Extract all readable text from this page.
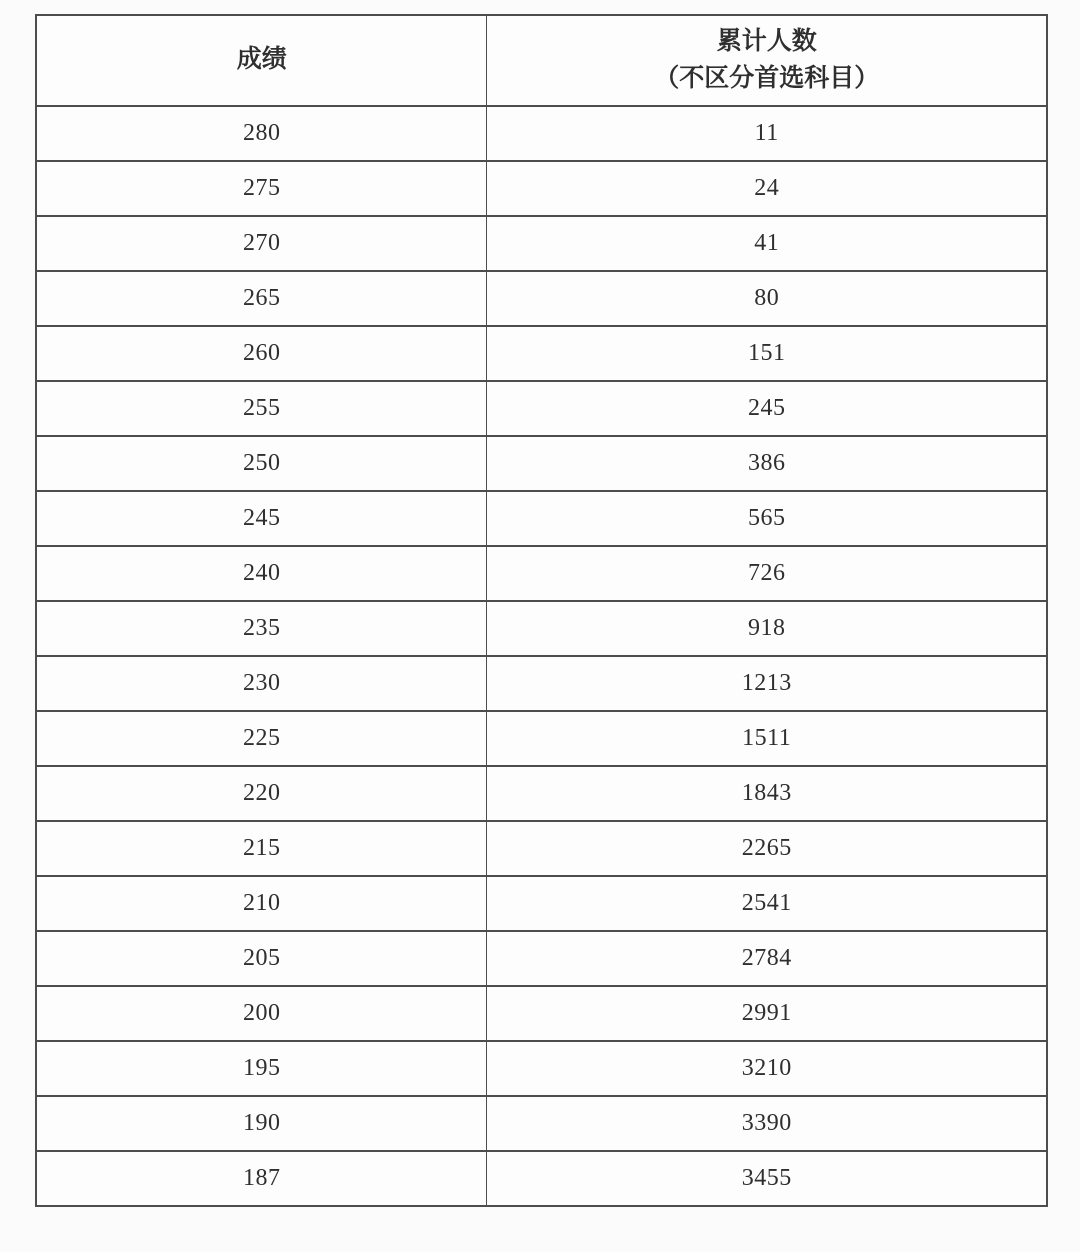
成绩	累计人数
（不区分首选科目）

280	11
275	24
270	41
265	80
260	151
255	245
250	386
245	565
240	726
235	918
230	1213
225	1511
220	1843
215	2265
210	2541
205	2784
200	2991
195	3210
190	3390
187	3455
